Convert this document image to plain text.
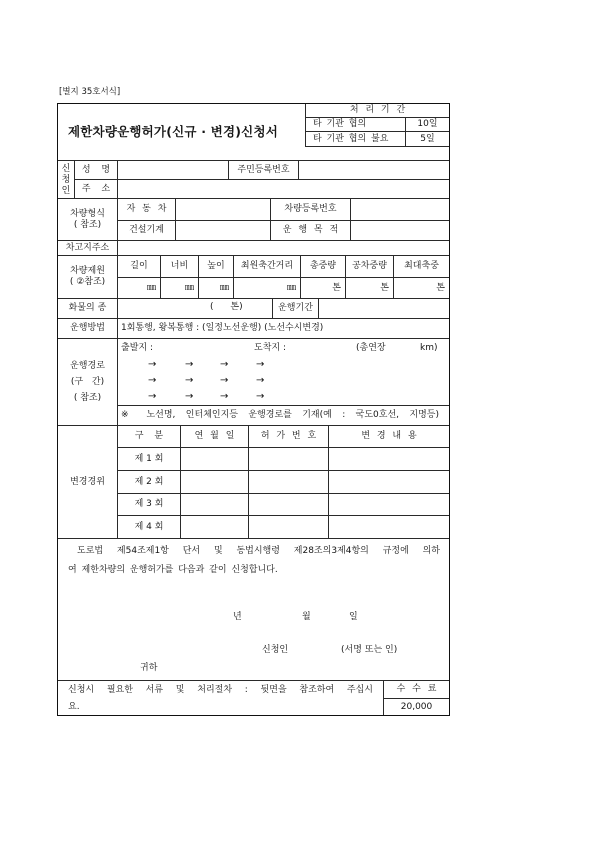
[별지 35호서식]
제한차량운행허가(신규 · 변경)신청서
처 리 기 간
타 기관 협의	10일
타 기관 협의 불요	5일
신
청
인
성 명	주민등록번호
주 소
차량형식
( 참조)
자 동 차	차량등록번호
건설기계	운 행 목 적
차고지주소
차량제원
( ②참조)
길이	너비 높이 최원축간거리 총중량 공차중량 최대축중
㎜	㎜	㎜	㎜	톤	톤	톤
화물의 종	( 톤)	운행기간
운행방법 1회통행, 왕복통행 : (일정노선운행) (노선수시변경)
운행경로
(구 간)
( 참조)
출발지 :	도착지 :	(총연장	km)
→	→	→	→
→	→	→	→
→	→	→	→
※ 노선명, 인터체인지등 운행경로를 기재(예 : 국도0호선, 지명등)
변경경위
구 분	연 월 일	허 가 번 호	변 경 내 용
제 1 회
제 2 회
제 3 회
제 4 회
도로법 제54조제1항 단서 및 동법시행령 제28조의3제4항의 규정에 의하
여 제한차량의 운행허가를 다음과 같이 신청합니다.
년	월	일
신청인	(서명 또는 인)
귀하
신청시 필요한 서류 및 처리절차 : 뒷면을 참조하여 주십시
요.
수 수 료
20,000
